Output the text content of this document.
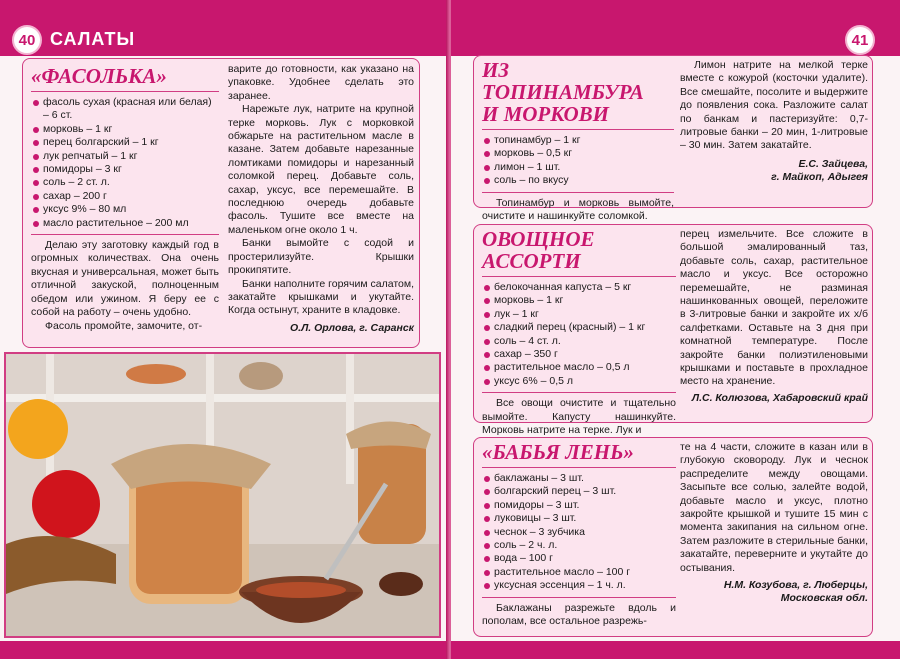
40 САЛАТЫ
«ФАСОЛЬКА»
фасоль сухая (красная или белая) – 6 ст.
морковь – 1 кг
перец болгарский – 1 кг
лук репчатый – 1 кг
помидоры – 3 кг
соль – 2 ст. л.
сахар – 200 г
уксус 9% – 80 мл
масло растительное – 200 мл

Делаю эту заготовку каждый год в огромных количествах. Она очень вкусная и универсальная, может быть отличной закуской, полноценным обедом или ужином. Я беру ее с собой на работу – очень удобно.

Фасоль промойте, замочите, от-

варите до готовности, как указано на упаковке. Удобнее сделать это заранее.

Нарежьте лук, натрите на крупной терке морковь. Лук с морковкой обжарьте на растительном масле в казане. Затем добавьте нарезанные ломтиками помидоры и нарезанный соломкой перец. Добавьте соль, сахар, уксус, все перемешайте. В последнюю очередь добавьте фасоль. Тушите все вместе на маленьком огне около 1 ч.

Банки вымойте с содой и простерилизуйте. Крышки прокипятите.

Банки наполните горячим салатом, закатайте крышками и укутайте. Когда остынут, храните в кладовке.

О.Л. Орлова, г. Саранск

41
ИЗ ТОПИНАМБУРА
И МОРКОВИ
топинамбур – 1 кг
морковь – 0,5 кг
лимон – 1 шт.
соль – по вкусу

Топинамбур и морковь вымойте, очистите и нашинкуйте соломкой.

Лимон натрите на мелкой терке вместе с кожурой (косточки удалите). Все смешайте, посолите и выдержите до появления сока. Разложите салат по банкам и пастеризуйте: 0,7-литровые банки – 20 мин, 1-литровые – 30 мин. Затем закатайте.

Е.С. Зайцева,

г. Майкоп, Адыгея

ОВОЩНОЕ АССОРТИ
белокочанная капуста – 5 кг
морковь – 1 кг
лук – 1 кг
сладкий перец (красный) – 1 кг
соль – 4 ст. л.
сахар – 350 г
растительное масло – 0,5 л
уксус 6% – 0,5 л

Все овощи очистите и тщательно вымойте. Капусту нашинкуйте. Морковь натрите на терке. Лук и

перец измельчите. Все сложите в большой эмалированный таз, добавьте соль, сахар, растительное масло и уксус. Все осторожно перемешайте, не разминая нашинкованных овощей, переложите в 3-литровые банки и закройте их х/б салфетками. Оставьте на 3 дня при комнатной температуре. После закройте банки полиэтиленовыми крышками и поставьте в прохладное место на хранение.

Л.С. Колюзова, Хабаровский край

«БАБЬЯ ЛЕНЬ»
баклажаны – 3 шт.
болгарский перец – 3 шт.
помидоры – 3 шт.
луковицы – 3 шт.
чеснок – 3 зубчика
соль – 2 ч. л.
вода – 100 г
растительное масло – 100 г
уксусная эссенция – 1 ч. л.

Баклажаны разрежьте вдоль и пополам, все остальное разрежь-

те на 4 части, сложите в казан или в глубокую сковороду. Лук и чеснок распределите между овощами. Засыпьте все солью, залейте водой, добавьте масло и уксус, плотно закройте крышкой и тушите 15 мин с момента закипания на сильном огне. Затем разложите в стерильные банки, закатайте, переверните и укутайте до остывания.

Н.М. Козубова, г. Люберцы,

Московская обл.
